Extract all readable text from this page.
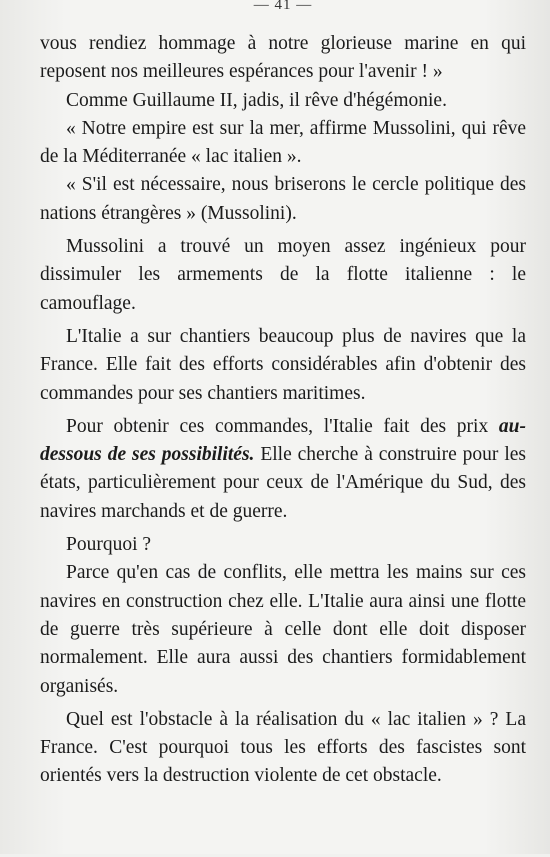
— 41 —

vous rendiez hommage à notre glorieuse marine en qui reposent nos meilleures espérances pour l'avenir ! »

Comme Guillaume II, jadis, il rêve d'hégémonie.

« Notre empire est sur la mer, affirme Mussolini, qui rêve de la Méditerranée « lac italien ».

« S'il est nécessaire, nous briserons le cercle politique des nations étrangères » (Mussolini).

Mussolini a trouvé un moyen assez ingénieux pour dissimuler les armements de la flotte italienne : le camouflage.

L'Italie a sur chantiers beaucoup plus de navires que la France. Elle fait des efforts considérables afin d'obtenir des commandes pour ses chantiers maritimes.

Pour obtenir ces commandes, l'Italie fait des prix au-dessous de ses possibilités. Elle cherche à construire pour les états, particulièrement pour ceux de l'Amérique du Sud, des navires marchands et de guerre.

Pourquoi ?

Parce qu'en cas de conflits, elle mettra les mains sur ces navires en construction chez elle. L'Italie aura ainsi une flotte de guerre très supérieure à celle dont elle doit disposer normalement. Elle aura aussi des chantiers formidablement organisés.

Quel est l'obstacle à la réalisation du « lac italien » ? La France. C'est pourquoi tous les efforts des fascistes sont orientés vers la destruction violente de cet obstacle.
